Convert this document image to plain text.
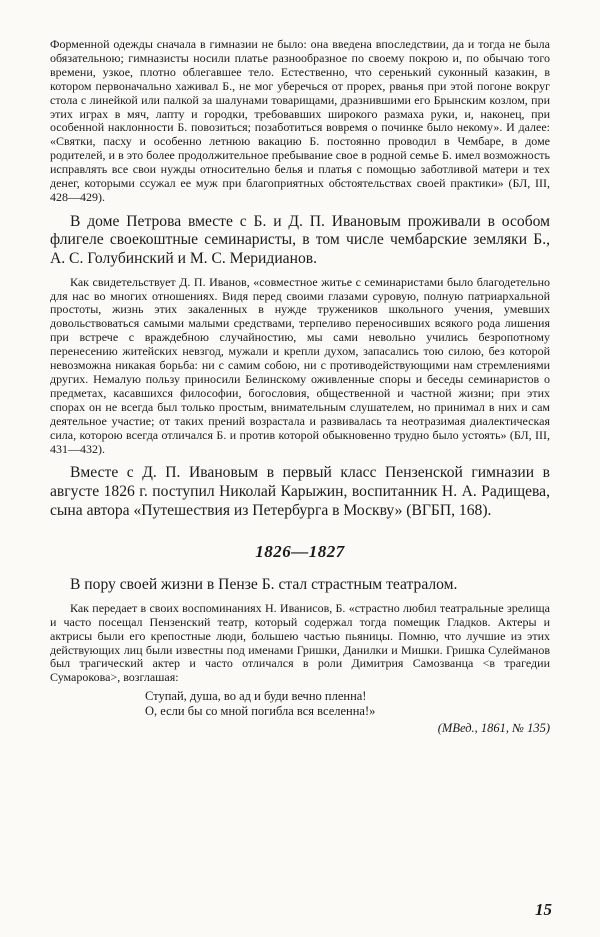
Форменной одежды сначала в гимназии не было: она введена впоследствии, да и тогда не была обязательною; гимназисты носили платье разнообразное по своему покрою и, по обычаю того времени, узкое, плотно облегавшее тело. Естественно, что серенький суконный казакин, в котором первоначально хаживал Б., не мог уберечься от прорех, рванья при этой погоне вокруг стола с линейкой или палкой за шалунами товарищами, дразнившими его Брынским козлом, при этих играх в мяч, лапту и городки, требовавших широкого размаха руки, и, наконец, при особенной наклонности Б. повозиться; позаботиться вовремя о починке было некому». И далее: «Святки, пасху и особенно летнюю вакацию Б. постоянно проводил в Чембаре, в доме родителей, и в это более продолжительное пребывание свое в родной семье Б. имел возможность исправлять все свои нужды относительно белья и платья с помощью заботливой матери и тех денег, которыми ссужал ее муж при благоприятных обстоятельствах своей практики» (БЛ, III, 428—429).

В доме Петрова вместе с Б. и Д. П. Ивановым проживали в особом флигеле своекоштные семинаристы, в том числе чембарские земляки Б., А. С. Голубинский и М. С. Меридианов.

Как свидетельствует Д. П. Иванов, «совместное житье с семинаристами было благодетельно для нас во многих отношениях. Видя перед своими глазами суровую, полную патриархальной простоты, жизнь этих закаленных в нужде тружеников школьного учения, умевших довольствоваться самыми малыми средствами, терпеливо переносивших всякого рода лишения при встрече с враждебною случайностию, мы сами невольно учились безропотному перенесению житейских невзгод, мужали и крепли духом, запасались тою силою, без которой невозможна никакая борьба: ни с самим собою, ни с противодействующими нам стремлениями других. Немалую пользу приносили Белинскому оживленные споры и беседы семинаристов о предметах, касавшихся философии, богословия, общественной и частной жизни; при этих спорах он не всегда был только простым, внимательным слушателем, но принимал в них и сам деятельное участие; от таких прений возрастала и развивалась та неотразимая диалектическая сила, которою всегда отличался Б. и против которой обыкновенно трудно было устоять» (БЛ, III, 431—432).

Вместе с Д. П. Ивановым в первый класс Пензенской гимназии в августе 1826 г. поступил Николай Карыжин, воспитанник Н. А. Радищева, сына автора «Путешествия из Петербурга в Москву» (ВГБП, 168).

1826—1827

В пору своей жизни в Пензе Б. стал страстным театралом.

Как передает в своих воспоминаниях Н. Иванисов, Б. «страстно любил театральные зрелища и часто посещал Пензенский театр, который содержал тогда помещик Гладков. Актеры и актрисы были его крепостные люди, большею частью пьяницы. Помню, что лучшие из этих действующих лиц были известны под именами Гришки, Данилки и Мишки. Гришка Сулейманов был трагический актер и часто отличался в роли Димитрия Самозванца <в трагедии Сумарокова>, возглашая:

Ступай, душа, во ад и буди вечно пленна!
О, если бы со мной погибла вся вселенна!»

(МВед., 1861, № 135)

15
